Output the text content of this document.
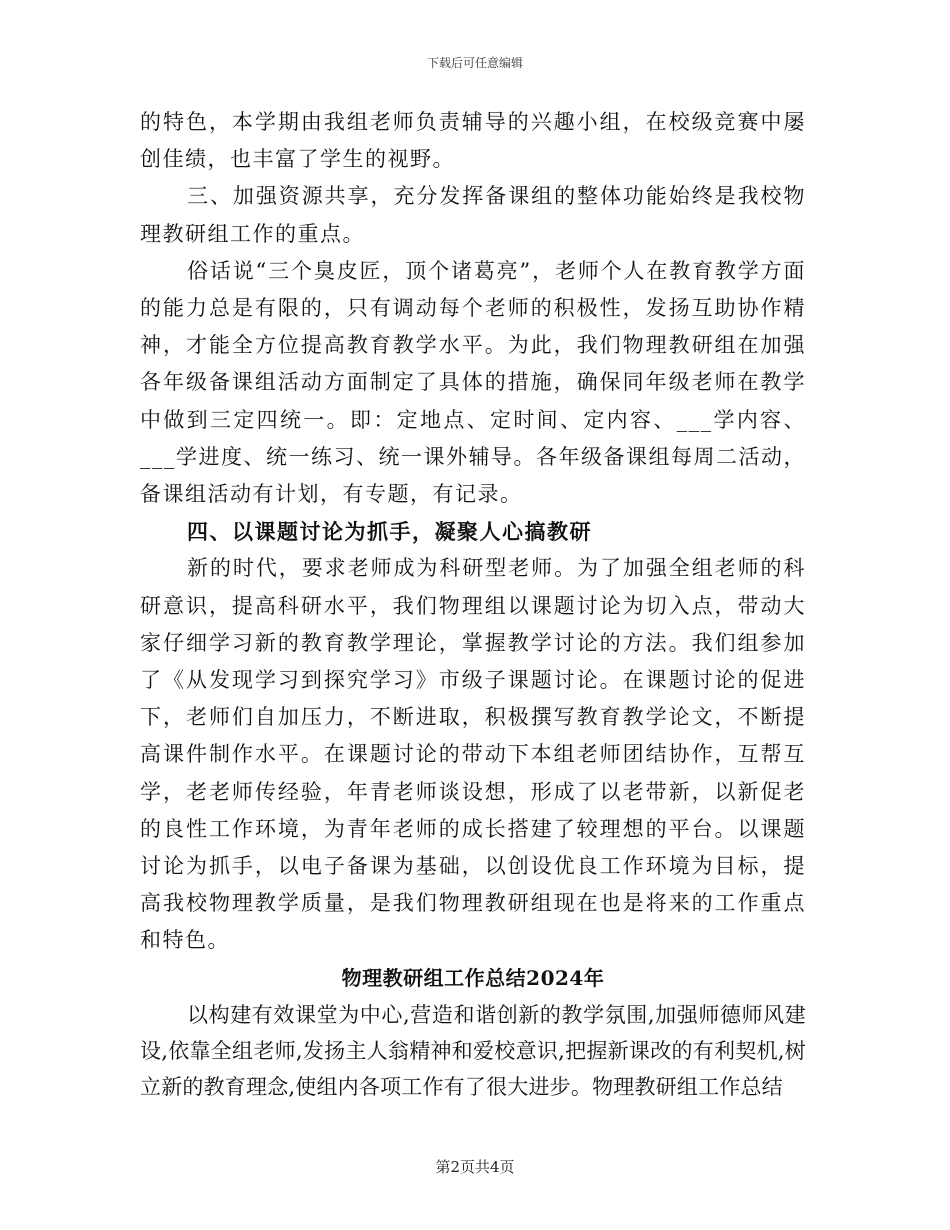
下载后可任意编辑

的特色，本学期由我组老师负责辅导的兴趣小组，在校级竞赛中屡创佳绩，也丰富了学生的视野。

三、加强资源共享，充分发挥备课组的整体功能始终是我校物理教研组工作的重点。

俗话说“三个臭皮匠，顶个诸葛亮”，老师个人在教育教学方面的能力总是有限的，只有调动每个老师的积极性，发扬互助协作精神，才能全方位提高教育教学水平。为此，我们物理教研组在加强各年级备课组活动方面制定了具体的措施，确保同年级老师在教学中做到三定四统一。即：定地点、定时间、定内容、___学内容、___学进度、统一练习、统一课外辅导。各年级备课组每周二活动，备课组活动有计划，有专题，有记录。

四、以课题讨论为抓手，凝聚人心搞教研

新的时代，要求老师成为科研型老师。为了加强全组老师的科研意识，提高科研水平，我们物理组以课题讨论为切入点，带动大家仔细学习新的教育教学理论，掌握教学讨论的方法。我们组参加了《从发现学习到探究学习》市级子课题讨论。在课题讨论的促进下，老师们自加压力，不断进取，积极撰写教育教学论文，不断提高课件制作水平。在课题讨论的带动下本组老师团结协作，互帮互学，老老师传经验，年青老师谈设想，形成了以老带新，以新促老的良性工作环境，为青年老师的成长搭建了较理想的平台。以课题讨论为抓手，以电子备课为基础，以创设优良工作环境为目标，提高我校物理教学质量，是我们物理教研组现在也是将来的工作重点和特色。

物理教研组工作总结2024年

以构建有效课堂为中心,营造和谐创新的教学氛围,加强师德师风建设,依靠全组老师,发扬主人翁精神和爱校意识,把握新课改的有利契机,树立新的教育理念,使组内各项工作有了很大进步。物理教研组工作总结

第2页共4页
